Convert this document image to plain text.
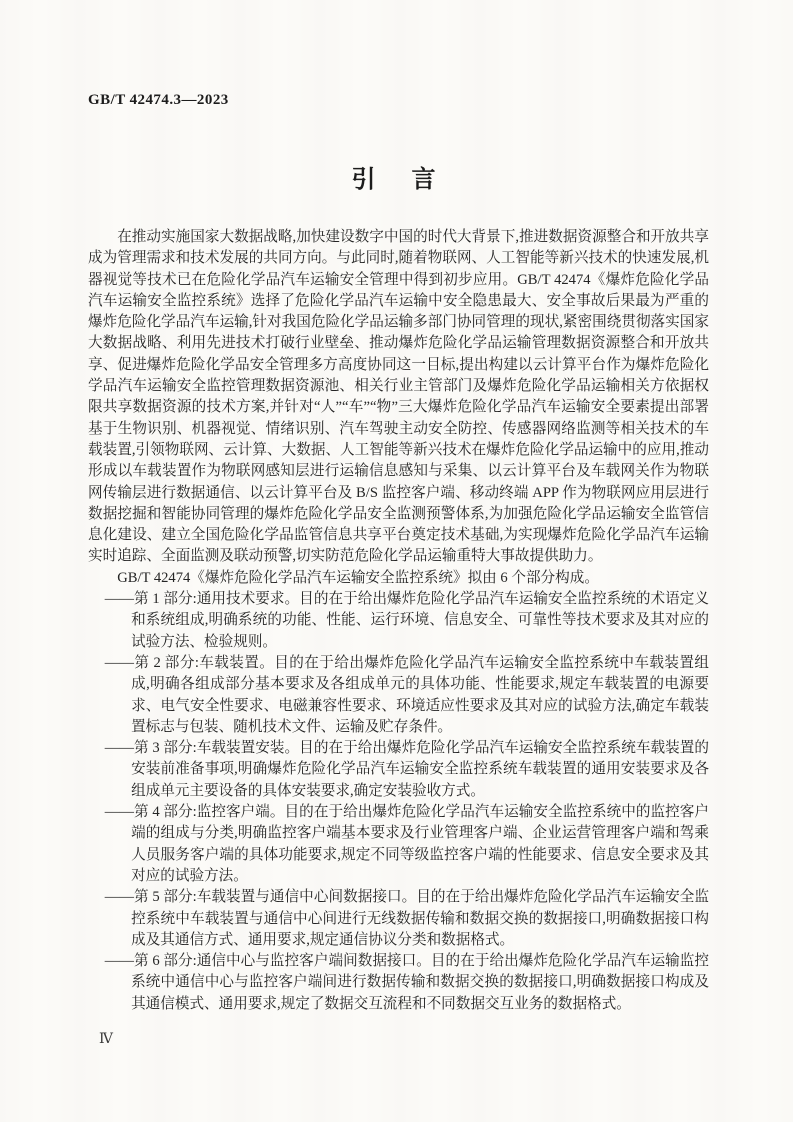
GB/T 42474.3—2023
引　言

在推动实施国家大数据战略,加快建设数字中国的时代大背景下,推进数据资源整合和开放共享成为管理需求和技术发展的共同方向。与此同时,随着物联网、人工智能等新兴技术的快速发展,机器视觉等技术已在危险化学品汽车运输安全管理中得到初步应用。GB/T 42474《爆炸危险化学品汽车运输安全监控系统》选择了危险化学品汽车运输中安全隐患最大、安全事故后果最为严重的爆炸危险化学品汽车运输,针对我国危险化学品运输多部门协同管理的现状,紧密围绕贯彻落实国家大数据战略、利用先进技术打破行业壁垒、推动爆炸危险化学品运输管理数据资源整合和开放共享、促进爆炸危险化学品安全管理多方高度协同这一目标,提出构建以云计算平台作为爆炸危险化学品汽车运输安全监控管理数据资源池、相关行业主管部门及爆炸危险化学品运输相关方依据权限共享数据资源的技术方案,并针对“人”“车”“物”三大爆炸危险化学品汽车运输安全要素提出部署基于生物识别、机器视觉、情绪识别、汽车驾驶主动安全防控、传感器网络监测等相关技术的车载装置,引领物联网、云计算、大数据、人工智能等新兴技术在爆炸危险化学品运输中的应用,推动形成以车载装置作为物联网感知层进行运输信息感知与采集、以云计算平台及车载网关作为物联网传输层进行数据通信、以云计算平台及 B/S 监控客户端、移动终端 APP 作为物联网应用层进行数据挖掘和智能协同管理的爆炸危险化学品安全监测预警体系,为加强危险化学品运输安全监管信息化建设、建立全国危险化学品监管信息共享平台奠定技术基础,为实现爆炸危险化学品汽车运输实时追踪、全面监测及联动预警,切实防范危险化学品运输重特大事故提供助力。

GB/T 42474《爆炸危险化学品汽车运输安全监控系统》拟由 6 个部分构成。

——第 1 部分:通用技术要求。目的在于给出爆炸危险化学品汽车运输安全监控系统的术语定义和系统组成,明确系统的功能、性能、运行环境、信息安全、可靠性等技术要求及其对应的试验方法、检验规则。

——第 2 部分:车载装置。目的在于给出爆炸危险化学品汽车运输安全监控系统中车载装置组成,明确各组成部分基本要求及各组成单元的具体功能、性能要求,规定车载装置的电源要求、电气安全性要求、电磁兼容性要求、环境适应性要求及其对应的试验方法,确定车载装置标志与包装、随机技术文件、运输及贮存条件。

——第 3 部分:车载装置安装。目的在于给出爆炸危险化学品汽车运输安全监控系统车载装置的安装前准备事项,明确爆炸危险化学品汽车运输安全监控系统车载装置的通用安装要求及各组成单元主要设备的具体安装要求,确定安装验收方式。

——第 4 部分:监控客户端。目的在于给出爆炸危险化学品汽车运输安全监控系统中的监控客户端的组成与分类,明确监控客户端基本要求及行业管理客户端、企业运营管理客户端和驾乘人员服务客户端的具体功能要求,规定不同等级监控客户端的性能要求、信息安全要求及其对应的试验方法。

——第 5 部分:车载装置与通信中心间数据接口。目的在于给出爆炸危险化学品汽车运输安全监控系统中车载装置与通信中心间进行无线数据传输和数据交换的数据接口,明确数据接口构成及其通信方式、通用要求,规定通信协议分类和数据格式。

——第 6 部分:通信中心与监控客户端间数据接口。目的在于给出爆炸危险化学品汽车运输监控系统中通信中心与监控客户端间进行数据传输和数据交换的数据接口,明确数据接口构成及其通信模式、通用要求,规定了数据交互流程和不同数据交互业务的数据格式。

Ⅳ
